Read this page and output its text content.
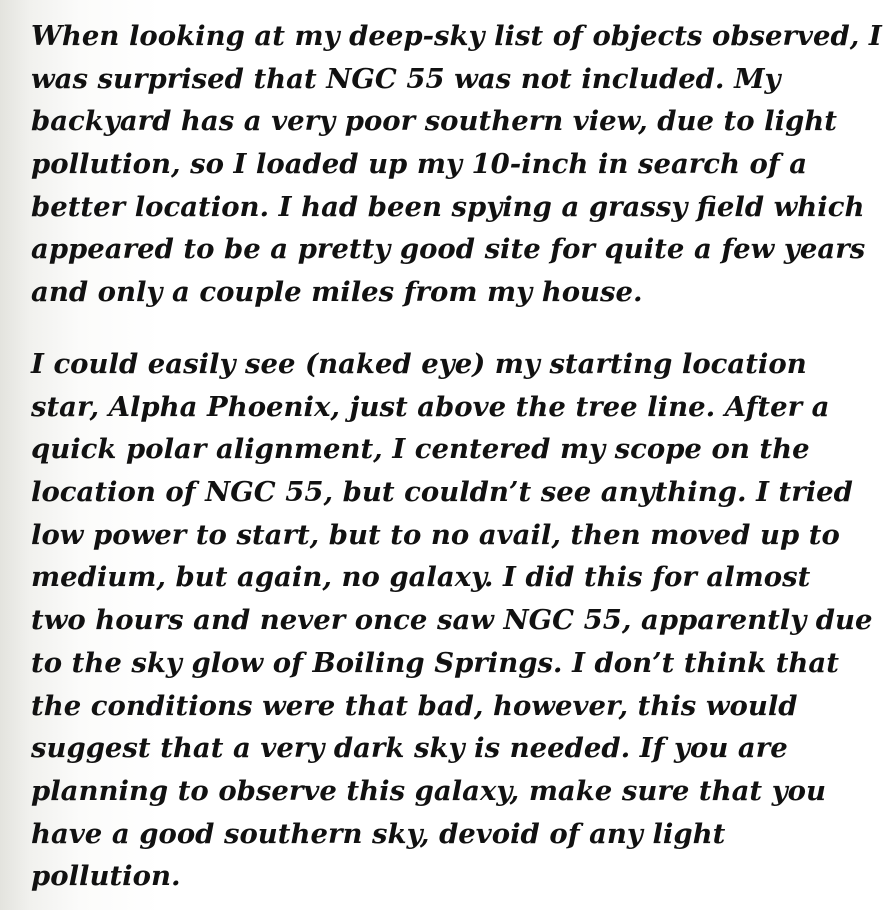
When looking at my deep-sky list of objects observed, I
was surprised that NGC 55 was not included. My
backyard has a very poor southern view, due to light
pollution, so I loaded up my 10-inch in search of a
better location. I had been spying a grassy field which
appeared to be a pretty good site for quite a few years
and only a couple miles from my house.

I could easily see (naked eye) my starting location
star, Alpha Phoenix, just above the tree line. After a
quick polar alignment, I centered my scope on the
location of NGC 55, but couldn’t see anything. I tried
low power to start, but to no avail, then moved up to
medium, but again, no galaxy. I did this for almost
two hours and never once saw NGC 55, apparently due
to the sky glow of Boiling Springs. I don’t think that
the conditions were that bad, however, this would
suggest that a very dark sky is needed. If you are
planning to observe this galaxy, make sure that you
have a good southern sky, devoid of any light
pollution.
